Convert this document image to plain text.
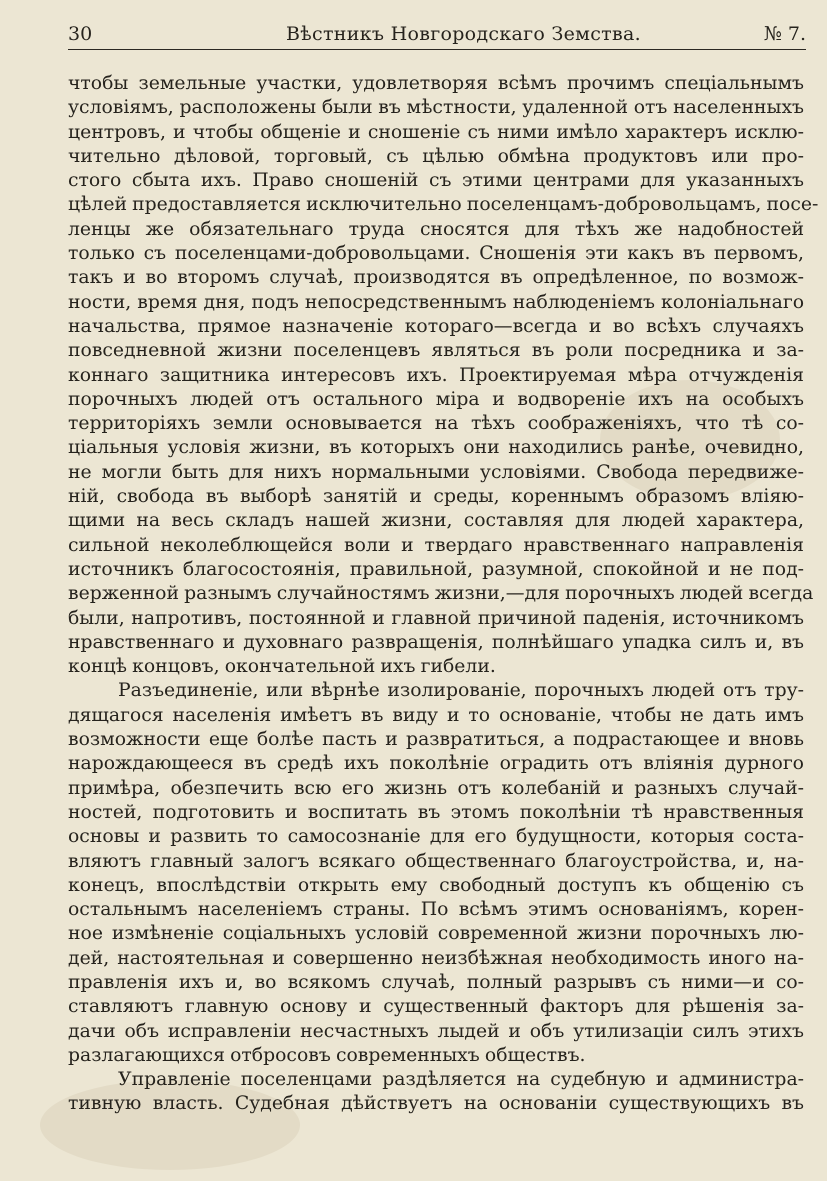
30	Вѣстникъ Новгородскаго Земства.	№ 7.
чтобы земельные участки, удовлетворяя всѣмъ прочимъ спеціальнымъ
условіямъ, расположены были въ мѣстности, удаленной отъ населенныхъ
центровъ, и чтобы общеніе и сношеніе съ ними имѣло характеръ исклю-
чительно дѣловой, торговый, съ цѣлью обмѣна продуктовъ или про-
стого сбыта ихъ. Право сношеній съ этими центрами для указанныхъ
цѣлей предоставляется исключительно поселенцамъ-добровольцамъ, посе-
ленцы же обязательнаго труда сносятся для тѣхъ же надобностей
только съ поселенцами-добровольцами. Сношенія эти какъ въ первомъ,
такъ и во второмъ случаѣ, производятся въ опредѣленное, по возмож-
ности, время дня, подъ непосредственнымъ наблюденіемъ колоніальнаго
начальства, прямое назначеніе котораго—всегда и во всѣхъ случаяхъ
повседневной жизни поселенцевъ являться въ роли посредника и за-
коннаго защитника интересовъ ихъ. Проектируемая мѣра отчужденія
порочныхъ людей отъ остального міра и водвореніе ихъ на особыхъ
территоріяхъ земли основывается на тѣхъ соображеніяхъ, что тѣ со-
ціальныя условія жизни, въ которыхъ они находились ранѣе, очевидно,
не могли быть для нихъ нормальными условіями. Свобода передвиже-
ній, свобода въ выборѣ занятій и среды, кореннымъ образомъ вліяю-
щими на весь складъ нашей жизни, составляя для людей характера,
сильной неколеблющейся воли и твердаго нравственнаго направленія
источникъ благосостоянія, правильной, разумной, спокойной и не под-
верженной разнымъ случайностямъ жизни,—для порочныхъ людей всегда
были, напротивъ, постоянной и главной причиной паденія, источникомъ
нравственнаго и духовнаго развращенія, полнѣйшаго упадка силъ и, въ
концѣ концовъ, окончательной ихъ гибели.
Разъединеніе, или вѣрнѣе изолированіе, порочныхъ людей отъ тру-
дящагося населенія имѣетъ въ виду и то основаніе, чтобы не дать имъ
возможности еще болѣе пасть и развратиться, а подрастающее и вновь
нарождающееся въ средѣ ихъ поколѣніе оградить отъ вліянія дурного
примѣра, обезпечить всю его жизнь отъ колебаній и разныхъ случай-
ностей, подготовить и воспитать въ этомъ поколѣніи тѣ нравственныя
основы и развить то самосознаніе для его будущности, которыя соста-
вляютъ главный залогъ всякаго общественнаго благоустройства, и, на-
конецъ, впослѣдствіи открыть ему свободный доступъ къ общенію съ
остальнымъ населеніемъ страны. По всѣмъ этимъ основаніямъ, корен-
ное измѣненіе соціальныхъ условій современной жизни порочныхъ лю-
дей, настоятельная и совершенно неизбѣжная необходимость иного на-
правленія ихъ и, во всякомъ случаѣ, полный разрывъ съ ними—и со-
ставляютъ главную основу и существенный факторъ для рѣшенія за-
дачи объ исправленіи несчастныхъ лыдей и объ утилизаціи силъ этихъ
разлагающихся отбросовъ современныхъ обществъ.
Управленіе поселенцами раздѣляется на судебную и администра-
тивную власть. Судебная дѣйствуетъ на основаніи существующихъ въ
